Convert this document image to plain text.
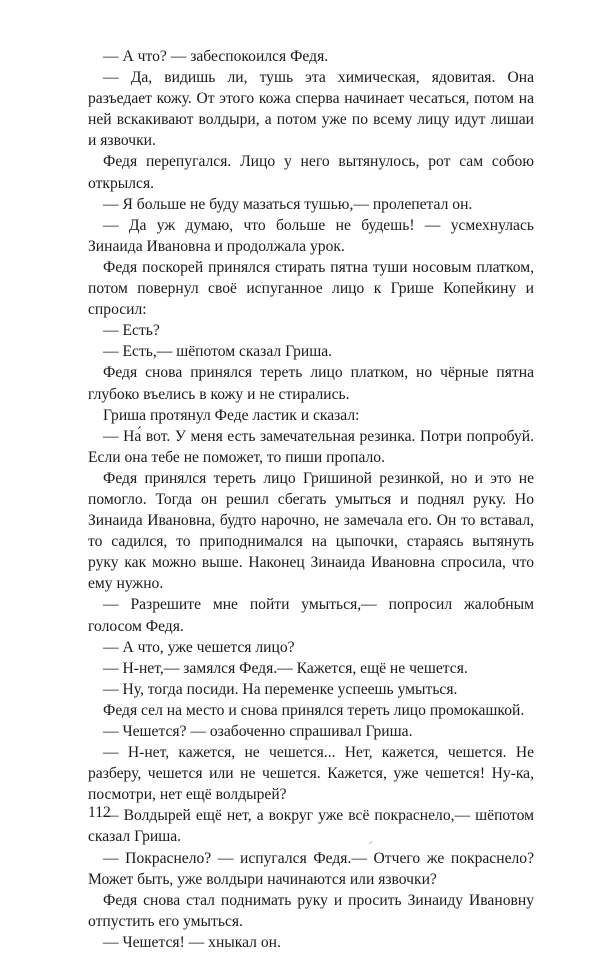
— А что? — забеспокоился Федя.

— Да, видишь ли, тушь эта химическая, ядовитая. Она разъедает кожу. От этого кожа сперва начинает чесаться, потом на ней вскакивают волдыри, а потом уже по всему лицу идут лишаи и язвочки.

Федя перепугался. Лицо у него вытянулось, рот сам собою открылся.

— Я больше не буду мазаться тушью,— пролепетал он.

— Да уж думаю, что больше не будешь! — усмехнулась Зинаида Ивановна и продолжала урок.

Федя поскорей принялся стирать пятна туши носовым платком, потом повернул своё испуганное лицо к Грише Копейкину и спросил:

— Есть?

— Есть,— шёпотом сказал Гриша.

Федя снова принялся тереть лицо платком, но чёрные пятна глубоко въелись в кожу и не стирались.

Гриша протянул Феде ластик и сказал:

— На́ вот. У меня есть замечательная резинка. Потри попробуй. Если она тебе не поможет, то пиши пропало.

Федя принялся тереть лицо Гришиной резинкой, но и это не помогло. Тогда он решил сбегать умыться и поднял руку. Но Зинаида Ивановна, будто нарочно, не замечала его. Он то вставал, то садился, то приподнимался на цыпочки, стараясь вытянуть руку как можно выше. Наконец Зинаида Ивановна спросила, что ему нужно.

— Разрешите мне пойти умыться,— попросил жалобным голосом Федя.

— А что, уже чешется лицо?

— Н-нет,— замялся Федя.— Кажется, ещё не чешется.

— Ну, тогда посиди. На переменке успеешь умыться.

Федя сел на место и снова принялся тереть лицо промокашкой.

— Чешется? — озабоченно спрашивал Гриша.

— Н-нет, кажется, не чешется... Нет, кажется, чешется. Не разберу, чешется или не чешется. Кажется, уже чешется! Ну-ка, посмотри, нет ещё волдырей?

— Волдырей ещё нет, а вокруг уже всё покраснело,— шёпотом сказал Гриша.

— Покраснело? — испугался Федя.— Отчего же покраснело? Может быть, уже волдыри начинаются или язвочки?

Федя снова стал поднимать руку и просить Зинаиду Ивановну отпустить его умыться.

— Чешется! — хныкал он.

112
